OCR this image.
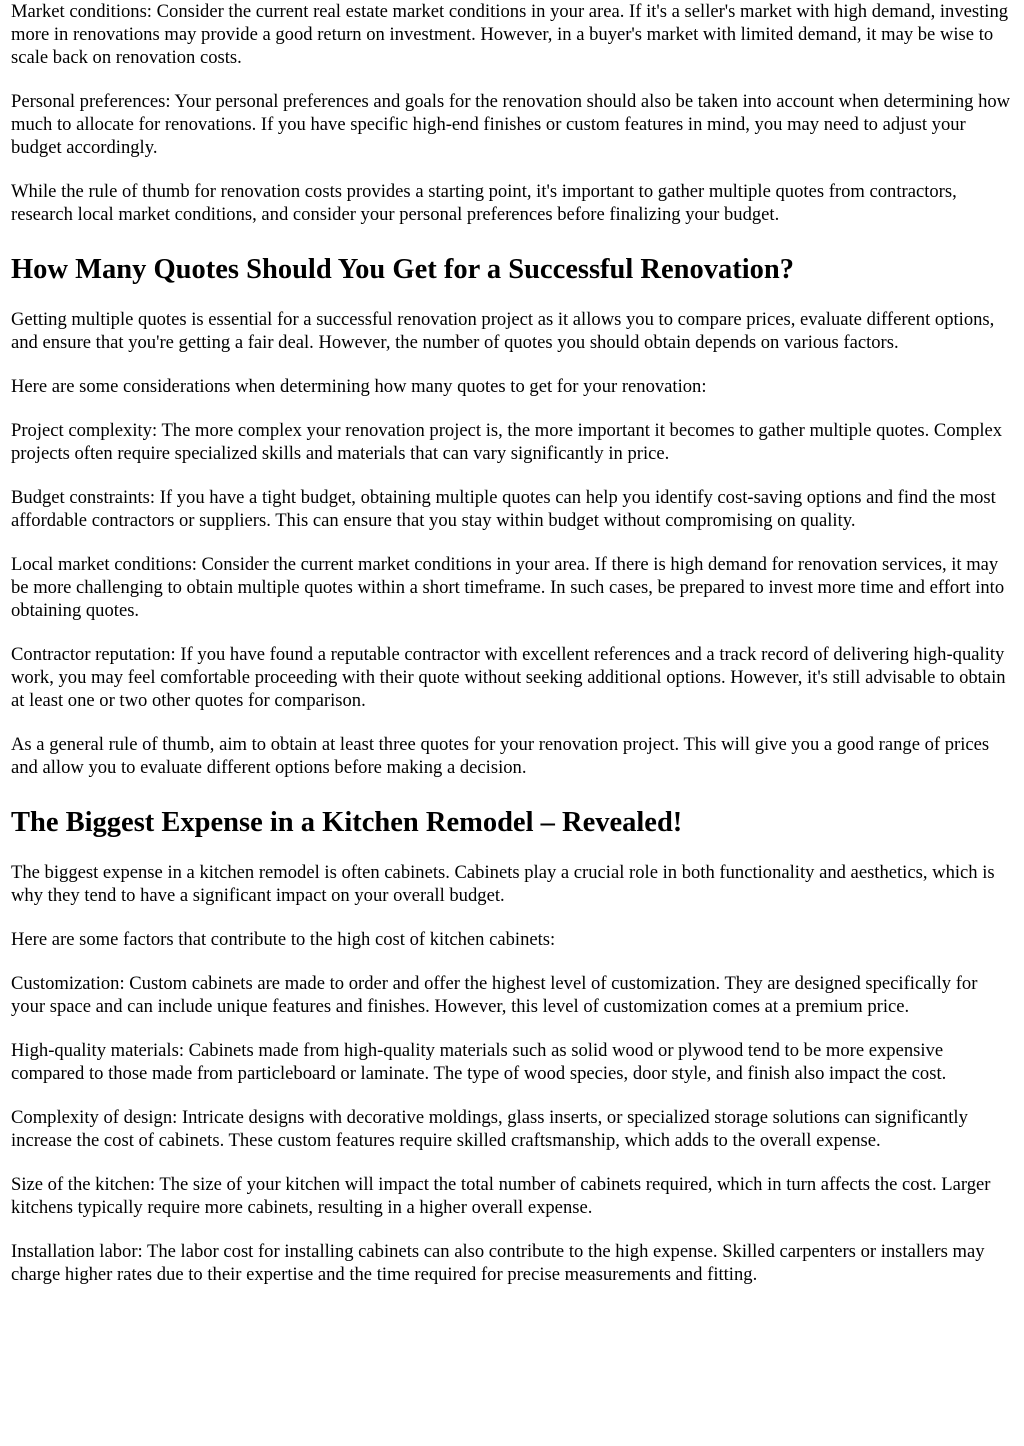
Market conditions: Consider the current real estate market conditions in your area. If it's a seller's market with high demand, investing more in renovations may provide a good return on investment. However, in a buyer's market with limited demand, it may be wise to scale back on renovation costs.

Personal preferences: Your personal preferences and goals for the renovation should also be taken into account when determining how much to allocate for renovations. If you have specific high-end finishes or custom features in mind, you may need to adjust your budget accordingly.

While the rule of thumb for renovation costs provides a starting point, it's important to gather multiple quotes from contractors, research local market conditions, and consider your personal preferences before finalizing your budget.

How Many Quotes Should You Get for a Successful Renovation?

Getting multiple quotes is essential for a successful renovation project as it allows you to compare prices, evaluate different options, and ensure that you're getting a fair deal. However, the number of quotes you should obtain depends on various factors.

Here are some considerations when determining how many quotes to get for your renovation:

Project complexity: The more complex your renovation project is, the more important it becomes to gather multiple quotes. Complex projects often require specialized skills and materials that can vary significantly in price.

Budget constraints: If you have a tight budget, obtaining multiple quotes can help you identify cost-saving options and find the most affordable contractors or suppliers. This can ensure that you stay within budget without compromising on quality.

Local market conditions: Consider the current market conditions in your area. If there is high demand for renovation services, it may be more challenging to obtain multiple quotes within a short timeframe. In such cases, be prepared to invest more time and effort into obtaining quotes.

Contractor reputation: If you have found a reputable contractor with excellent references and a track record of delivering high-quality work, you may feel comfortable proceeding with their quote without seeking additional options. However, it's still advisable to obtain at least one or two other quotes for comparison.

As a general rule of thumb, aim to obtain at least three quotes for your renovation project. This will give you a good range of prices and allow you to evaluate different options before making a decision.

The Biggest Expense in a Kitchen Remodel – Revealed!

The biggest expense in a kitchen remodel is often cabinets. Cabinets play a crucial role in both functionality and aesthetics, which is why they tend to have a significant impact on your overall budget.

Here are some factors that contribute to the high cost of kitchen cabinets:

Customization: Custom cabinets are made to order and offer the highest level of customization. They are designed specifically for your space and can include unique features and finishes. However, this level of customization comes at a premium price.

High-quality materials: Cabinets made from high-quality materials such as solid wood or plywood tend to be more expensive compared to those made from particleboard or laminate. The type of wood species, door style, and finish also impact the cost.

Complexity of design: Intricate designs with decorative moldings, glass inserts, or specialized storage solutions can significantly increase the cost of cabinets. These custom features require skilled craftsmanship, which adds to the overall expense.

Size of the kitchen: The size of your kitchen will impact the total number of cabinets required, which in turn affects the cost. Larger kitchens typically require more cabinets, resulting in a higher overall expense.

Installation labor: The labor cost for installing cabinets can also contribute to the high expense. Skilled carpenters or installers may charge higher rates due to their expertise and the time required for precise measurements and fitting.
